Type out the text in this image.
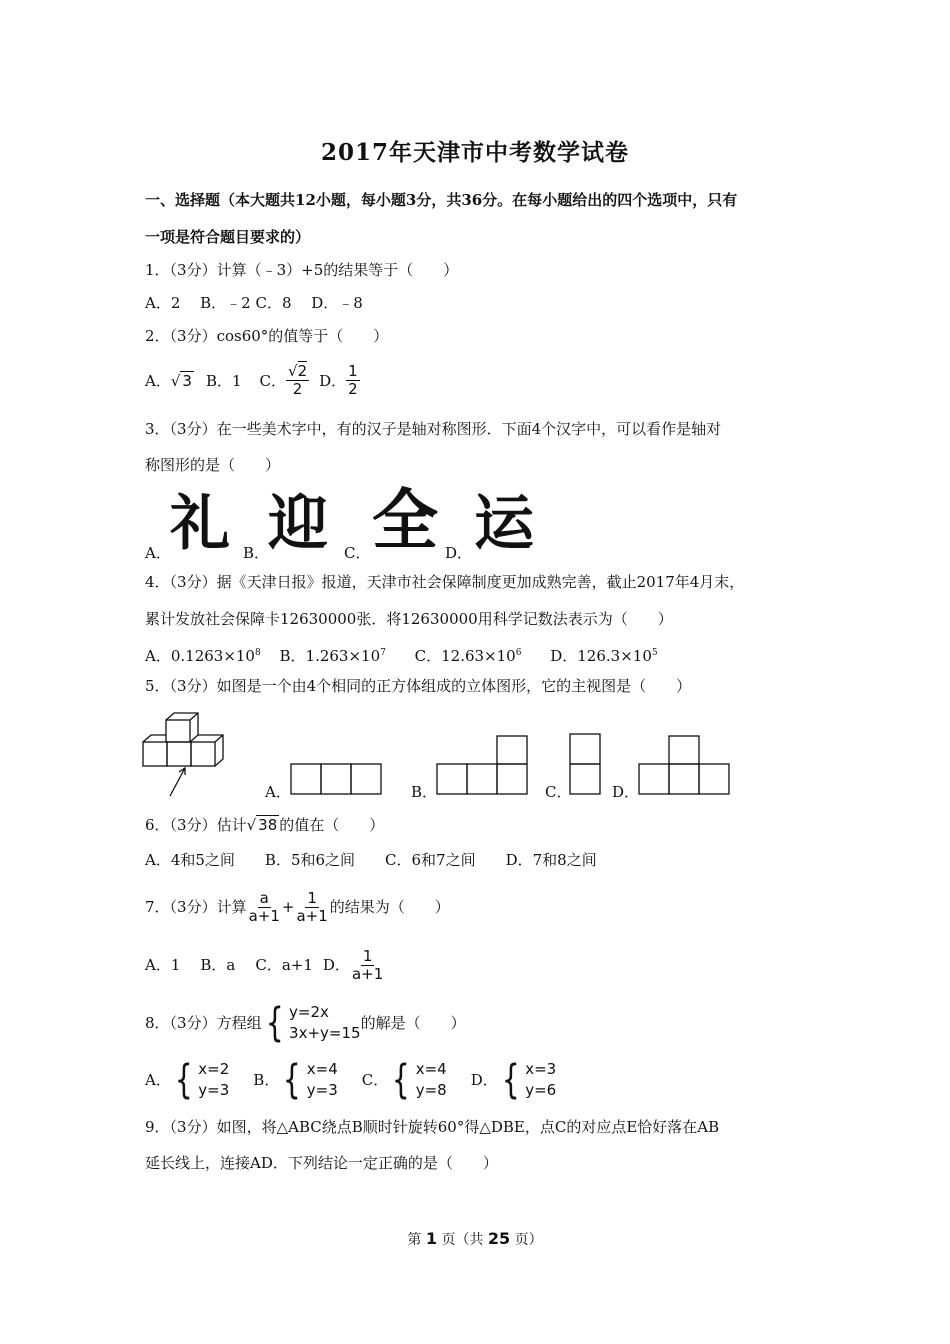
2017年天津市中考数学试卷
一、选择题（本大题共12小题，每小题3分，共36分。在每小题给出的四个选项中，只有
一项是符合题目要求的）
1．（3分）计算（﹣3）+5的结果等于（　　）
A．2　 B．﹣2 C．8　 D．﹣8
2．（3分）cos60°的值等于（　　）
A． √ 3 B．1 C． $\frac{√2}{2}$ D． $\frac{1}{2}$
3．（3分）在一些美术字中，有的汉子是轴对称图形．下面4个汉字中，可以看作是轴对
称图形的是（　　）
A． 礼 B．
迎 C． 全 D． 运
4．（3分）据《天津日报》报道，天津市社会保障制度更加成熟完善，截止2017年4月末，
累计发放社会保障卡12630000张．将12630000用科学记数法表示为（　　）
A．$0.1263\times 10^8$ B．$1.263\times 10^7$ C．$12.63\times 10^6$ D．$126.3\times 10^5$
5．（3分）如图是一个由4个相同的正方体组成的立体图形，它的主视图是（　　）
A．	B．	C．	D．
6．（3分）估计 √ 38 的值在（　　）
A．4和5之间　　B．5和6之间　　C．6和7之间　　D．7和8之间
7．（3分）计算 $\frac{a}{a+1} + \frac{1}{a+1}$ 的结果为（　　）
A．1 B．a C．a+1 D． $\frac{1}{a+1}$
8．（3分）方程组 { y=2x
3x+y=15
的解是（　　）
A． { x=2
y=3
B． { x=4
y=3
C． { x=4
y=8
D． { x=3
y=6
9．（3分）如图，将△ABC绕点B顺时针旋转60°得△DBE，点C的对应点E恰好落在AB
延长线上，连接AD．下列结论一定正确的是（　　）
第 1 页（共 25 页）
